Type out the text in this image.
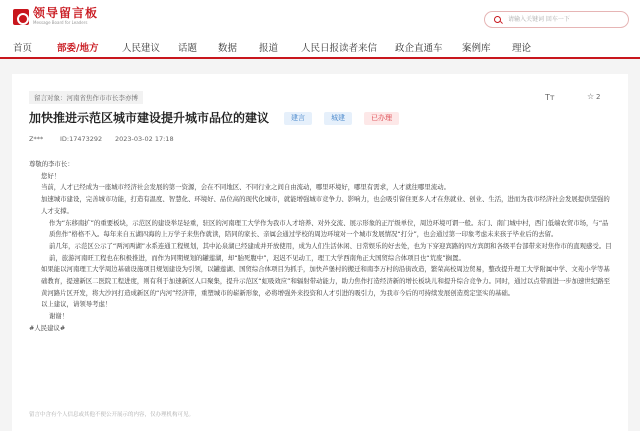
领导留言板
Message Board for Leaders
请输入关键词 回车一下
首页	部委/地方 人民建议 话题 数据 报道 人民日报读者来信 政企直通车 案例库 理论
留言对象：河南省焦作市市长李亦博	Tт	☆ 2
加快推进示范区城市建设提升城市品位的建议	建言	城建	已办理
Z***	ID:17473292 2023-03-02 17:18

尊敬的李市长：

您好！

当前，人才已经成为一座城市经济社会发展的第一资源，会在不同地区、不同行业之间自由流动，哪里环境好，哪里有需求，人才就往哪里流动。

加速城市建设，完善城市功能，打造有温度、智慧化、环境好、品位高的现代化城市，就能增强城市竞争力、影响力，也会吸引留住更多人才在焦就业、创业、生活，进而为我市经济社会发展提供坚强的人才支撑。

作为“东移南扩”的重要板块，示范区的建设举足轻重，驻区的河南理工大学作为我市人才培养、对外交流、展示形象的正厅级单位，周边环境可谓一般。东门、南门城中村，西门低端农贸市场，与“品质焦作”格格不入。每年来自五湖四海的上万学子来焦作就读，陪同的家长、亲属会通过学校的周边环境对一个城市发展情况“打分”，也会通过第一印象考虑未来孩子毕业后的去留。

前几年，示范区公示了“两河两湖”水系连通工程规划，其中沁泉湖已经建成并开放使用，成为人们生活休闲、日常娱乐的好去处，也为下穿迎宾路的四方宾朗和各级平台部带来对焦作市的直观感受。目前，旅游河南旺工程也在积极推进，而作为同期规划的罐莲湖，却“胎死腹中”，迟迟不见动工，理工大学西南角正大国贸综合体项目也“荒废”搁置。

如果能以河南理工大学周边基础设施项目规划建设为引领，以罐莲湖、国贸综合体项目为抓手，加快芦堡村的搬迁和南李万村的沿街改造，繁荣高校周边贸易，整改提升理工大学附属中学、文苑小学等基础教育，提速新区二医院工程进度，则有利于加速新区人口聚集，提升示范区“虹吸效应”和辐射带动能力，助力焦作打造经济新的增长板块儿和提升综合竞争力。同时，通过以点带面进一步加速世纪路至黄河路片区开发，将大沙河打造成新区的“内河”经济带，重塑城市的崭新形象，必将增强外来投资和人才引进的吸引力，为我市今后的可持续发展创造奠定坚实的基础。

以上建议，请领导考虑！

谢谢！

#人民建议#

留言中含有个人信息或其他不便公开展示的内容，仅办理机构可见。
